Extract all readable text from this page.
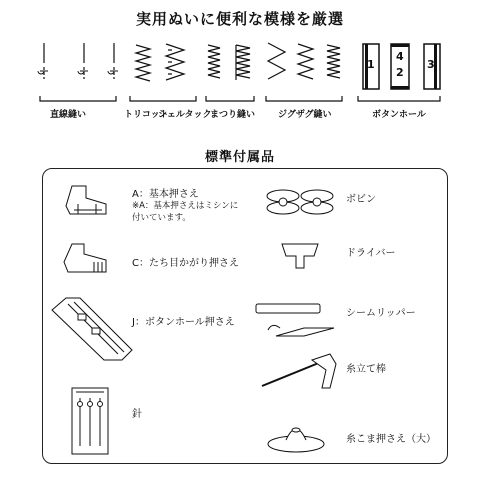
実用ぬいに便利な模様を厳選
1
4
2
3
直線縫い	トリコット
シェルタック
まつり縫い	ジグザグ縫い	ボタンホール
標準付属品
A：基本押さえ
※A：基本押さえはミシンに付いています。
C：たち目かがり押さえ
J：ボタンホール押さえ
針
ボビン
ドライバー
シームリッパー
糸立て棒
糸こま押さえ（大）
